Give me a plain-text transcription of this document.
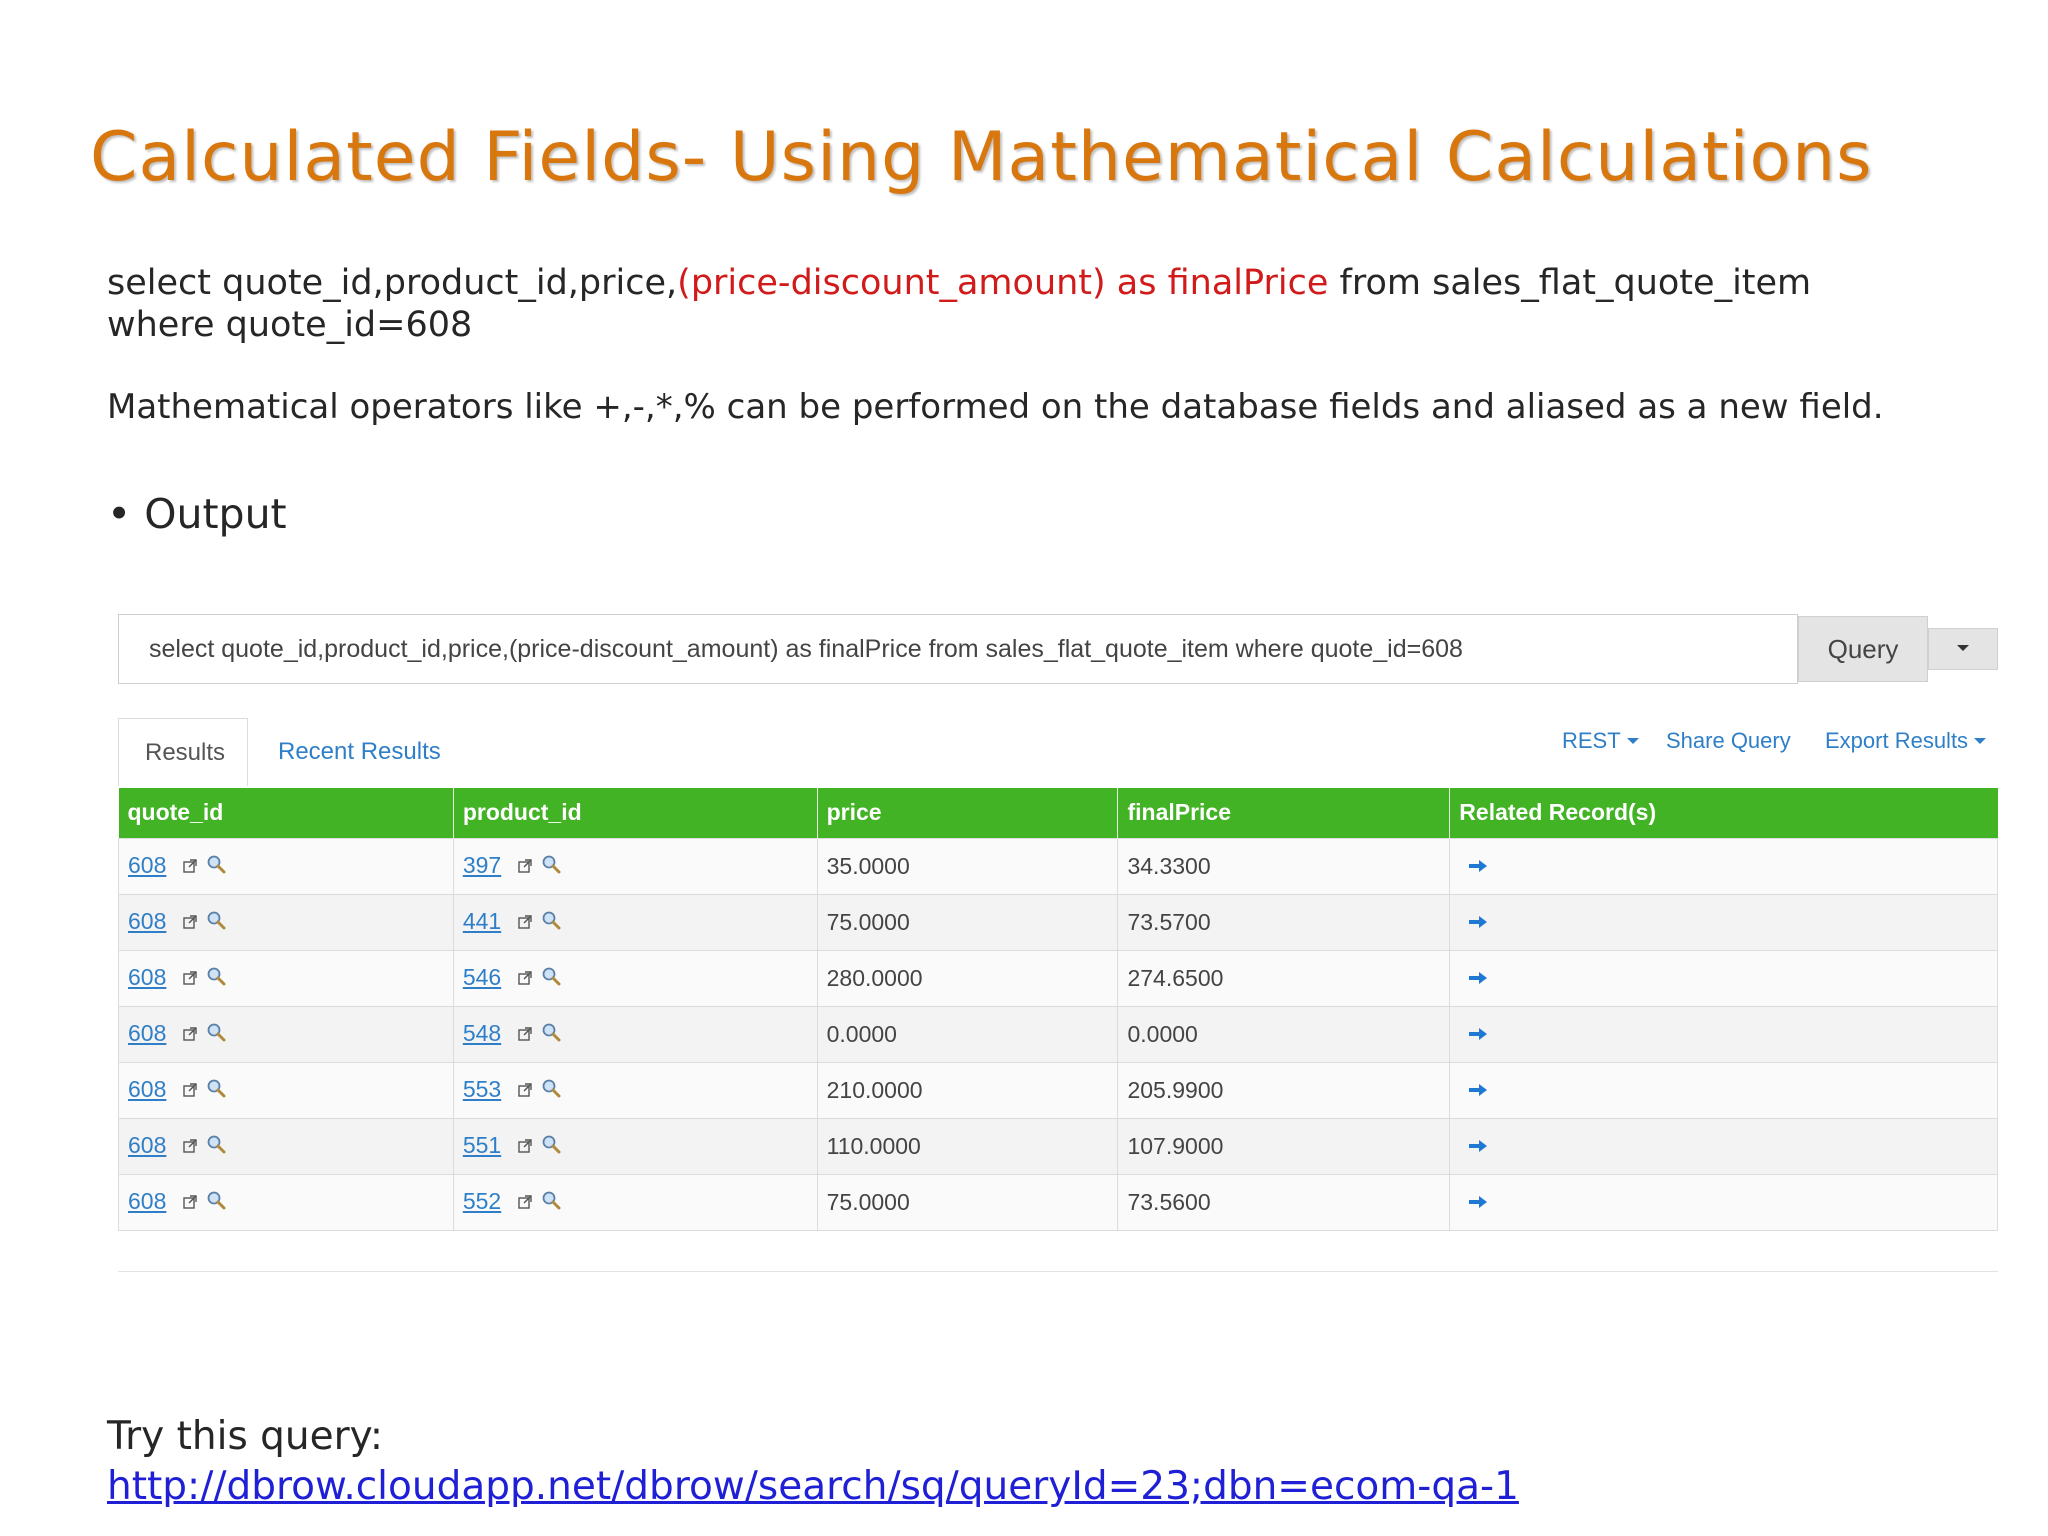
Calculated Fields- Using Mathematical Calculations
select quote_id,product_id,price,(price-discount_amount) as finalPrice from sales_flat_quote_item where quote_id=608
Mathematical operators like +,-,*,% can be performed on the database fields and aliased as a new field.
• Output
select quote_id,product_id,price,(price-discount_amount) as finalPrice from sales_flat_quote_item where quote_id=608	Query
Results	Recent Results	REST	Share Query Export Results
quote_id	product_id	price	finalPrice	Related Record(s)
608	397	35.0000	34.3300	
608	441	75.0000	73.5700	
608	546	280.0000	274.6500	
608	548	0.0000	0.0000	
608	553	210.0000	205.9900	
608	551	110.0000	107.9000	
608	552	75.0000	73.5600	
Try this query:
http://dbrow.cloudapp.net/dbrow/search/sq/queryId=23;dbn=ecom-qa-1
